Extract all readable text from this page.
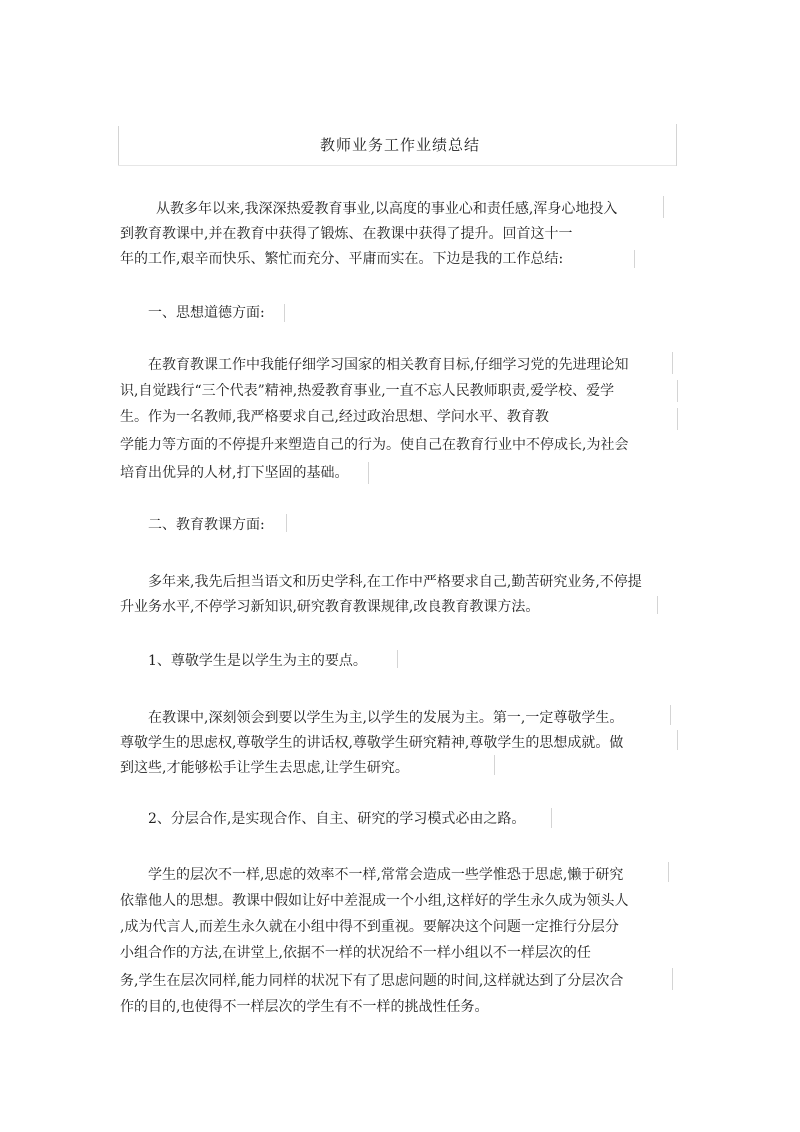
教师业务工作业绩总结
从教多年以来,我深深热爱教育事业,以高度的事业心和责任感,浑身心地投入
到教育教课中,并在教育中获得了锻炼、在教课中获得了提升。回首这十一
年的工作,艰辛而快乐、繁忙而充分、平庸而实在。下边是我的工作总结:
一、思想道德方面:
在教育教课工作中我能仔细学习国家的相关教育目标,仔细学习党的先进理论知
识,自觉践行“三个代表”精神,热爱教育事业,一直不忘人民教师职责,爱学校、爱学
生。作为一名教师,我严格要求自己,经过政治思想、学问水平、教育教
学能力等方面的不停提升来塑造自己的行为。使自己在教育行业中不停成长,为社会
培育出优异的人材,打下坚固的基础。
二、教育教课方面:
多年来,我先后担当语文和历史学科,在工作中严格要求自己,勤苦研究业务,不停提
升业务水平,不停学习新知识,研究教育教课规律,改良教育教课方法。
1、尊敬学生是以学生为主的要点。
在教课中,深刻领会到要以学生为主,以学生的发展为主。第一,一定尊敬学生。
尊敬学生的思虑权,尊敬学生的讲话权,尊敬学生研究精神,尊敬学生的思想成就。做
到这些,才能够松手让学生去思虑,让学生研究。
2、分层合作,是实现合作、自主、研究的学习模式必由之路。
学生的层次不一样,思虑的效率不一样,常常会造成一些学惟恐于思虑,懒于研究
依靠他人的思想。教课中假如让好中差混成一个小组,这样好的学生永久成为领头人
,成为代言人,而差生永久就在小组中得不到重视。要解决这个问题一定推行分层分
小组合作的方法,在讲堂上,依据不一样的状况给不一样小组以不一样层次的任
务,学生在层次同样,能力同样的状况下有了思虑问题的时间,这样就达到了分层次合
作的目的,也使得不一样层次的学生有不一样的挑战性任务。
